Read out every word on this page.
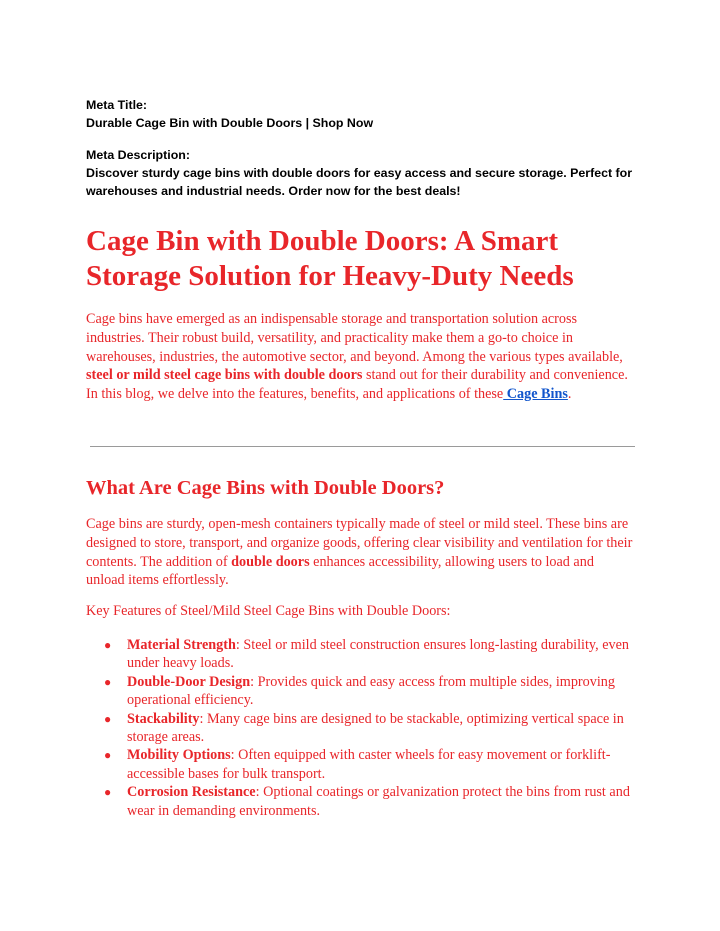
Meta Title:

Durable Cage Bin with Double Doors | Shop Now

Meta Description:

Discover sturdy cage bins with double doors for easy access and secure storage. Perfect for warehouses and industrial needs. Order now for the best deals!

Cage Bin with Double Doors: A Smart Storage Solution for Heavy-Duty Needs

Cage bins have emerged as an indispensable storage and transportation solution across industries. Their robust build, versatility, and practicality make them a go-to choice in warehouses, industries, the automotive sector, and beyond. Among the various types available, steel or mild steel cage bins with double doors stand out for their durability and convenience. In this blog, we delve into the features, benefits, and applications of these Cage Bins.

What Are Cage Bins with Double Doors?

Cage bins are sturdy, open-mesh containers typically made of steel or mild steel. These bins are designed to store, transport, and organize goods, offering clear visibility and ventilation for their contents. The addition of double doors enhances accessibility, allowing users to load and unload items effortlessly.

Key Features of Steel/Mild Steel Cage Bins with Double Doors:

● Material Strength: Steel or mild steel construction ensures long-lasting durability, even under heavy loads.
● Double-Door Design: Provides quick and easy access from multiple sides, improving operational efficiency.
● Stackability: Many cage bins are designed to be stackable, optimizing vertical space in storage areas.
● Mobility Options: Often equipped with caster wheels for easy movement or forklift-accessible bases for bulk transport.
● Corrosion Resistance: Optional coatings or galvanization protect the bins from rust and wear in demanding environments.
